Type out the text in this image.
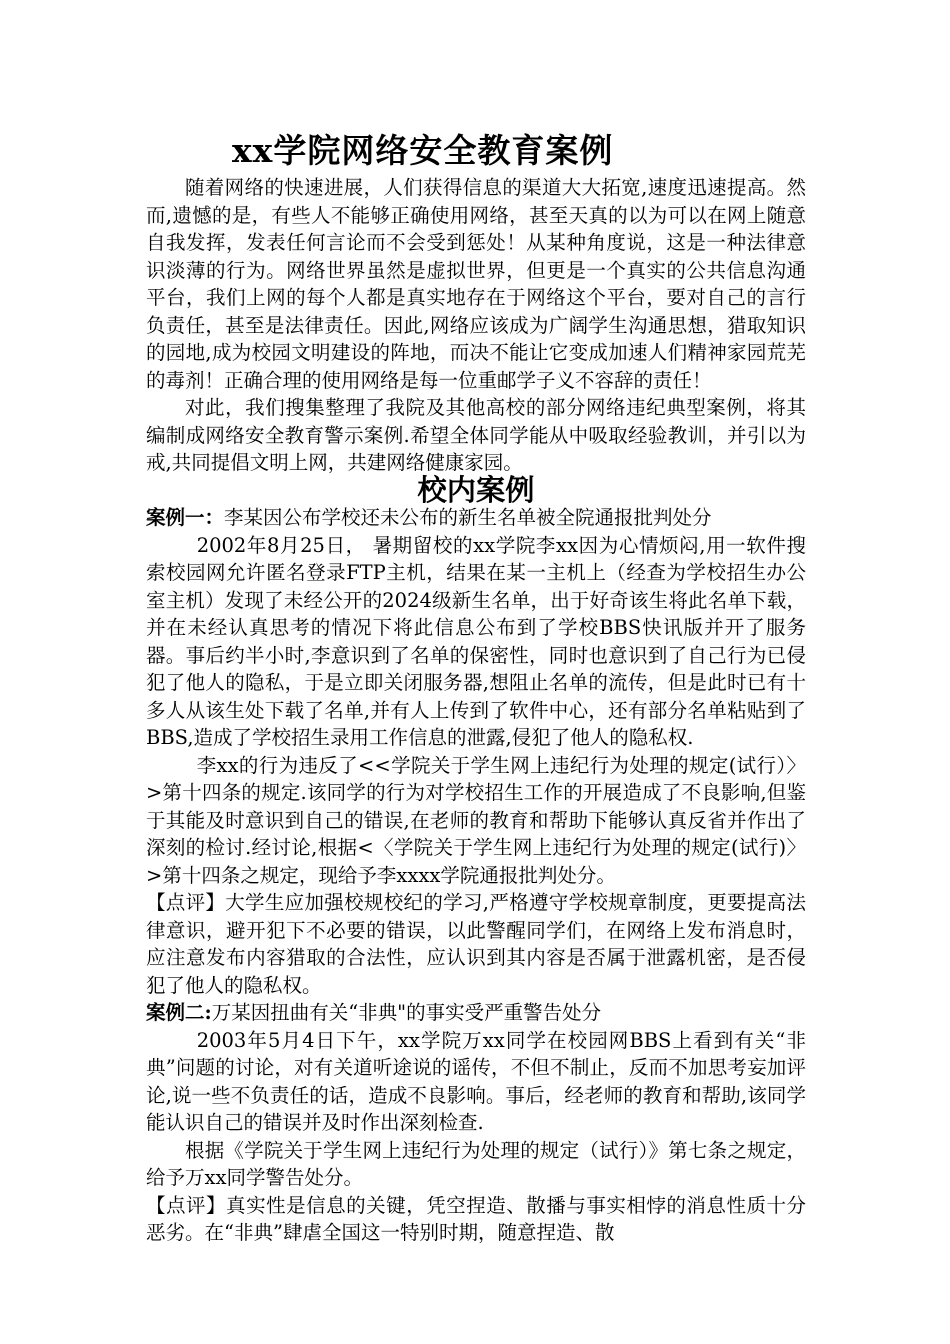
xx学院网络安全教育案例

随着网络的快速进展，人们获得信息的渠道大大拓宽,速度迅速提高。然而,遗憾的是，有些人不能够正确使用网络，甚至天真的以为可以在网上随意自我发挥，发表任何言论而不会受到惩处！从某种角度说，这是一种法律意识淡薄的行为。网络世界虽然是虚拟世界，但更是一个真实的公共信息沟通平台，我们上网的每个人都是真实地存在于网络这个平台，要对自己的言行负责任，甚至是法律责任。因此,网络应该成为广阔学生沟通思想，猎取知识的园地,成为校园文明建设的阵地，而决不能让它变成加速人们精神家园荒芜的毒剂！正确合理的使用网络是每一位重邮学子义不容辞的责任！

对此，我们搜集整理了我院及其他高校的部分网络违纪典型案例，将其编制成网络安全教育警示案例.希望全体同学能从中吸取经验教训，并引以为戒,共同提倡文明上网，共建网络健康家园。

校内案例

案例一：李某因公布学校还未公布的新生名单被全院通报批判处分

2002年8月25日， 暑期留校的xx学院李xx因为心情烦闷,用一软件搜索校园网允许匿名登录FTP主机，结果在某一主机上（经查为学校招生办公室主机）发现了未经公开的2024级新生名单，出于好奇该生将此名单下载，并在未经认真思考的情况下将此信息公布到了学校BBS快讯版并开了服务器。事后约半小时,李意识到了名单的保密性，同时也意识到了自己行为已侵犯了他人的隐私，于是立即关闭服务器,想阻止名单的流传，但是此时已有十多人从该生处下载了名单,并有人上传到了软件中心，还有部分名单粘贴到了BBS,造成了学校招生录用工作信息的泄露,侵犯了他人的隐私权.

李xx的行为违反了<<学院关于学生网上违纪行为处理的规定(试行）〉>第十四条的规定.该同学的行为对学校招生工作的开展造成了不良影响,但鉴于其能及时意识到自己的错误,在老师的教育和帮助下能够认真反省并作出了深刻的检讨.经讨论,根据<〈学院关于学生网上违纪行为处理的规定(试行)〉>第十四条之规定，现给予李xxxx学院通报批判处分。

【点评】大学生应加强校规校纪的学习,严格遵守学校规章制度，更要提高法律意识，避开犯下不必要的错误，以此警醒同学们，在网络上发布消息时，应注意发布内容猎取的合法性，应认识到其内容是否属于泄露机密，是否侵犯了他人的隐私权。

案例二:万某因扭曲有关“非典"的事实受严重警告处分

2003年5月4日下午，xx学院万xx同学在校园网BBS上看到有关“非典”问题的讨论，对有关道听途说的谣传，不但不制止，反而不加思考妄加评论,说一些不负责任的话，造成不良影响。事后，经老师的教育和帮助,该同学能认识自己的错误并及时作出深刻检查.

根据《学院关于学生网上违纪行为处理的规定（试行）》第七条之规定，给予万xx同学警告处分。

【点评】真实性是信息的关键，凭空捏造、散播与事实相悖的消息性质十分恶劣。在“非典”肆虐全国这一特别时期，随意捏造、散
